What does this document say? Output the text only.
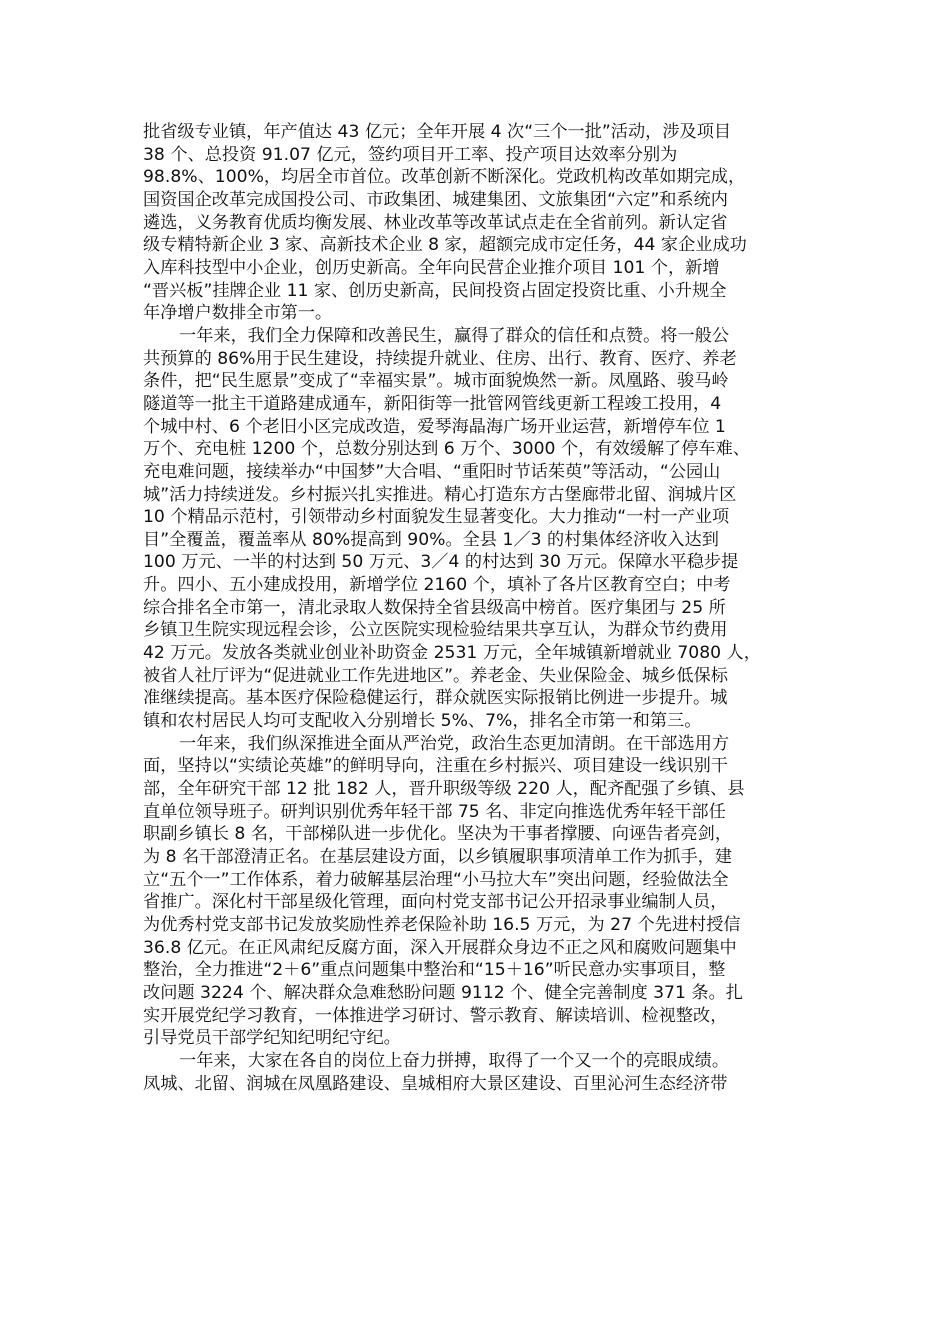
批省级专业镇，年产值达 43 亿元；全年开展 4 次“三个一批”活动，涉及项目
38 个、总投资 91.07 亿元，签约项目开工率、投产项目达效率分别为
98.8%、100%，均居全市首位。改革创新不断深化。党政机构改革如期完成，
国资国企改革完成国投公司、市政集团、城建集团、文旅集团“六定”和系统内
遴选，义务教育优质均衡发展、林业改革等改革试点走在全省前列。新认定省
级专精特新企业 3 家、高新技术企业 8 家，超额完成市定任务，44 家企业成功
入库科技型中小企业，创历史新高。全年向民营企业推介项目 101 个，新增
“晋兴板”挂牌企业 11 家、创历史新高，民间投资占固定投资比重、小升规全
年净增户数排全市第一。
一年来，我们全力保障和改善民生，赢得了群众的信任和点赞。将一般公
共预算的 86%用于民生建设，持续提升就业、住房、出行、教育、医疗、养老
条件，把“民生愿景”变成了“幸福实景”。城市面貌焕然一新。凤凰路、骏马岭
隧道等一批主干道路建成通车，新阳街等一批管网管线更新工程竣工投用，4
个城中村、6 个老旧小区完成改造，爱琴海晶海广场开业运营，新增停车位 1
万个、充电桩 1200 个，总数分别达到 6 万个、3000 个，有效缓解了停车难、
充电难问题，接续举办“中国梦”大合唱、“重阳时节话茱萸”等活动，“公园山
城”活力持续迸发。乡村振兴扎实推进。精心打造东方古堡廊带北留、润城片区
10 个精品示范村，引领带动乡村面貌发生显著变化。大力推动“一村一产业项
目”全覆盖，覆盖率从 80%提高到 90%。全县 1／3 的村集体经济收入达到
100 万元、一半的村达到 50 万元、3／4 的村达到 30 万元。保障水平稳步提
升。四小、五小建成投用，新增学位 2160 个，填补了各片区教育空白；中考
综合排名全市第一，清北录取人数保持全省县级高中榜首。医疗集团与 25 所
乡镇卫生院实现远程会诊，公立医院实现检验结果共享互认，为群众节约费用
42 万元。发放各类就业创业补助资金 2531 万元，全年城镇新增就业 7080 人，
被省人社厅评为“促进就业工作先进地区”。养老金、失业保险金、城乡低保标
准继续提高。基本医疗保险稳健运行，群众就医实际报销比例进一步提升。城
镇和农村居民人均可支配收入分别增长 5%、7%，排名全市第一和第三。
一年来，我们纵深推进全面从严治党，政治生态更加清朗。在干部选用方
面，坚持以“实绩论英雄”的鲜明导向，注重在乡村振兴、项目建设一线识别干
部，全年研究干部 12 批 182 人，晋升职级等级 220 人，配齐配强了乡镇、县
直单位领导班子。研判识别优秀年轻干部 75 名、非定向推选优秀年轻干部任
职副乡镇长 8 名，干部梯队进一步优化。坚决为干事者撑腰、向诬告者亮剑，
为 8 名干部澄清正名。在基层建设方面，以乡镇履职事项清单工作为抓手，建
立“五个一”工作体系，着力破解基层治理“小马拉大车”突出问题，经验做法全
省推广。深化村干部星级化管理，面向村党支部书记公开招录事业编制人员，
为优秀村党支部书记发放奖励性养老保险补助 16.5 万元，为 27 个先进村授信
36.8 亿元。在正风肃纪反腐方面，深入开展群众身边不正之风和腐败问题集中
整治，全力推进“2＋6”重点问题集中整治和“15＋16”听民意办实事项目，整
改问题 3224 个、解决群众急难愁盼问题 9112 个、健全完善制度 371 条。扎
实开展党纪学习教育，一体推进学习研讨、警示教育、解读培训、检视整改，
引导党员干部学纪知纪明纪守纪。
一年来，大家在各自的岗位上奋力拼搏，取得了一个又一个的亮眼成绩。
凤城、北留、润城在凤凰路建设、皇城相府大景区建设、百里沁河生态经济带
